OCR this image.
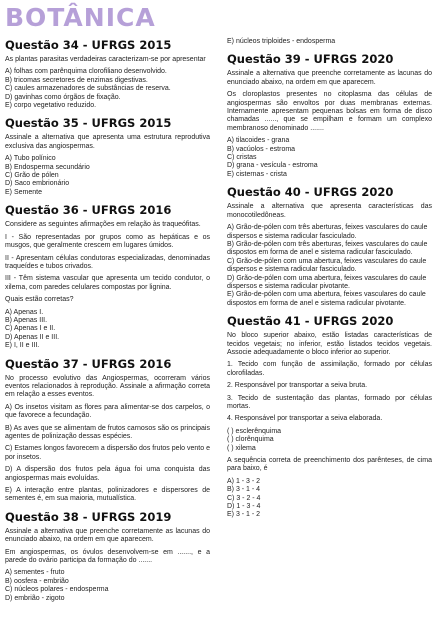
BOTÂNICA
Questão 34 - UFRGS 2015
As plantas parasitas verdadeiras caracterizam-se por apresentar
A) folhas com parênquima clorofiliano desenvolvido.
B) tricomas secretores de enzimas digestivas.
C) caules armazenadores de substâncias de reserva.
D) gavinhas como órgãos de fixação.
E) corpo vegetativo reduzido.
Questão 35 - UFRGS 2015
Assinale a alternativa que apresenta uma estrutura reprodutiva exclusiva das angiospermas.
A) Tubo polínico
B) Endosperma secundário
C) Grão de pólen
D) Saco embrionário
E) Semente
Questão 36 - UFRGS 2016
Considere as seguintes afirmações em relação às traqueófitas.
I - São representadas por grupos como as hepáticas e os musgos, que geralmente crescem em lugares úmidos.
II - Apresentam células condutoras especializadas, denominadas traqueídes e tubos crivados.
III - Têm sistema vascular que apresenta um tecido condutor, o xilema, com paredes celulares compostas por lignina.
Quais estão corretas?
A) Apenas I.
B) Apenas III.
C) Apenas I e II.
D) Apenas II e III.
E) I, II e III.
Questão 37 - UFRGS 2016
No processo evolutivo das Angiospermas, ocorreram vários eventos relacionados à reprodução. Assinale a afirmação correta em relação a esses eventos.
A) Os insetos visitam as flores para alimentar-se dos carpelos, o que favorece a fecundação.
B) As aves que se alimentam de frutos carnosos são os principais agentes de polinização dessas espécies.
C) Estames longos favorecem a dispersão dos frutos pelo vento e por insetos.
D) A dispersão dos frutos pela água foi uma conquista das angiospermas mais evoluídas.
E) A interação entre plantas, polinizadores e dispersores de sementes é, em sua maioria, mutualística.
Questão 38 - UFRGS 2019
Assinale a alternativa que preenche corretamente as lacunas do enunciado abaixo, na ordem em que aparecem.
Em angiospermas, os óvulos desenvolvem-se em ......., e a parede do ovário participa da formação do .......
A) sementes - fruto
B) oosfera - embrião
C) núcleos polares - endosperma
D) embrião - zigoto
E) núcleos triploides - endosperma
Questão 39 - UFRGS 2020
Assinale a alternativa que preenche corretamente as lacunas do enunciado abaixo, na ordem em que aparecem.
Os cloroplastos presentes no citoplasma das células de angiospermas são envoltos por duas membranas externas. Internamente apresentam pequenas bolsas em forma de disco chamadas ......, que se empilham e formam um complexo membranoso denominado .......
A) tilacoides - grana
B) vacúolos - estroma
C) cristas
D) grana - vesícula - estroma
E) cisternas - crista
Questão 40 - UFRGS 2020
Assinale a alternativa que apresenta características das monocotiledôneas.
A) Grão-de-pólen com três aberturas, feixes vasculares do caule dispersos e sistema radicular fasciculado.
B) Grão-de-pólen com três aberturas, feixes vasculares do caule dispostos em forma de anel e sistema radicular fasciculado.
C) Grão-de-pólen com uma abertura, feixes vasculares do caule dispersos e sistema radicular fasciculado.
D) Grão-de-pólen com uma abertura, feixes vasculares do caule dispersos e sistema radicular pivotante.
E) Grão-de-pólen com uma abertura, feixes vasculares do caule dispostos em forma de anel e sistema radicular pivotante.
Questão 41 - UFRGS 2020
No bloco superior abaixo, estão listadas características de tecidos vegetais; no inferior, estão listados tecidos vegetais. Associe adequadamente o bloco inferior ao superior.
1. Tecido com função de assimilação, formado por células clorofiladas.
2. Responsável por transportar a seiva bruta.
3. Tecido de sustentação das plantas, formado por células mortas.
4. Responsável por transportar a seiva elaborada.
( ) esclerênquima
( ) clorênquima
( ) xilema
A sequência correta de preenchimento dos parênteses, de cima para baixo, é
A) 1 - 3 - 2
B) 3 - 1 - 4
C) 3 - 2 - 4
D) 1 - 3 - 4
E) 3 - 1 - 2
